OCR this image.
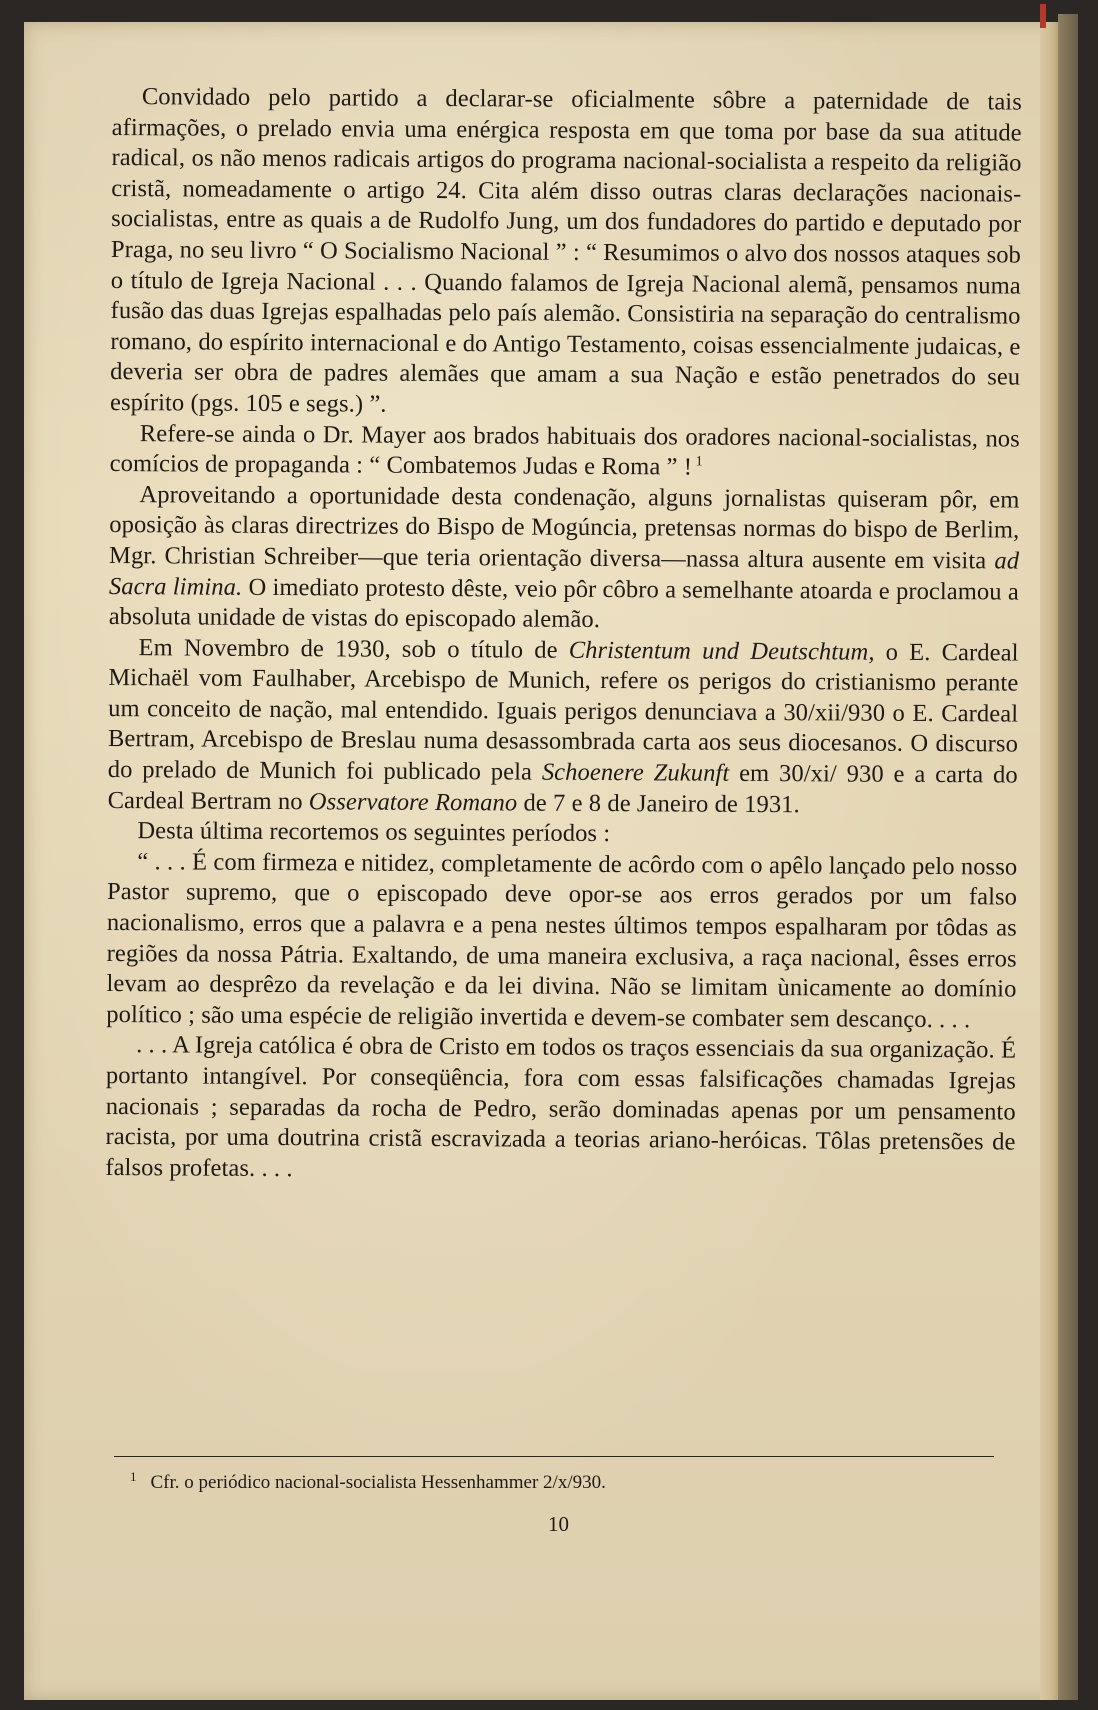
Convidado pelo partido a declarar-se oficialmente sôbre a paternidade de tais afirmações, o prelado envia uma enérgica resposta em que toma por base da sua atitude radical, os não menos radicais artigos do programa nacional-socialista a respeito da religião cristã, nomeadamente o artigo 24. Cita além disso outras claras declarações nacionais-socialistas, entre as quais a de Rudolfo Jung, um dos fundadores do partido e deputado por Praga, no seu livro “ O Socialismo Nacional ” : “ Resumimos o alvo dos nossos ataques sob o título de Igreja Nacional . . . Quando falamos de Igreja Nacional alemã, pensamos numa fusão das duas Igrejas espalhadas pelo país alemão. Consistiria na separação do centralismo romano, do espírito internacional e do Antigo Testamento, coisas essencialmente judaicas, e deveria ser obra de padres alemães que amam a sua Nação e estão penetrados do seu espírito (pgs. 105 e segs.) ”.

Refere-se ainda o Dr. Mayer aos brados habituais dos oradores nacional-socialistas, nos comícios de propaganda : “ Combatemos Judas e Roma ” ! $^1$

Aproveitando a oportunidade desta condenação, alguns jornalistas quiseram pôr, em oposição às claras directrizes do Bispo de Mogúncia, pretensas normas do bispo de Berlim, Mgr. Christian Schreiber—que teria orientação diversa—nassa altura ausente em visita ad Sacra limina. O imediato protesto dêste, veio pôr côbro a semelhante atoarda e proclamou a absoluta unidade de vistas do episcopado alemão.

Em Novembro de 1930, sob o título de Christentum und Deutschtum, o E. Cardeal Michaël vom Faulhaber, Arcebispo de Munich, refere os perigos do cristianismo perante um conceito de nação, mal entendido. Iguais perigos denunciava a 30/xii/930 o E. Cardeal Bertram, Arcebispo de Breslau numa desassombrada carta aos seus diocesanos. O discurso do prelado de Munich foi publicado pela Schoenere Zukunft em 30/xi/ 930 e a carta do Cardeal Bertram no Osservatore Romano de 7 e 8 de Janeiro de 1931.

Desta última recortemos os seguintes períodos :

“ . . . É com firmeza e nitidez, completamente de acôrdo com o apêlo lançado pelo nosso Pastor supremo, que o episcopado deve opor-se aos erros gerados por um falso nacionalismo, erros que a palavra e a pena nestes últimos tempos espalharam por tôdas as regiões da nossa Pátria. Exaltando, de uma maneira exclusiva, a raça nacional, êsses erros levam ao desprêzo da revelação e da lei divina. Não se limitam ùnicamente ao domínio político ; são uma espécie de religião invertida e devem-se combater sem descanço. . . .

. . . A Igreja católica é obra de Cristo em todos os traços essenciais da sua organização. É portanto intangível. Por conseqüência, fora com essas falsificações chamadas Igrejas nacionais ; separadas da rocha de Pedro, serão dominadas apenas por um pensamento racista, por uma doutrina cristã escravizada a teorias ariano-heróicas. Tôlas pretensões de falsos profetas. . . .

$^1$ Cfr. o periódico nacional-socialista Hessenhammer 2/x/930.
10
